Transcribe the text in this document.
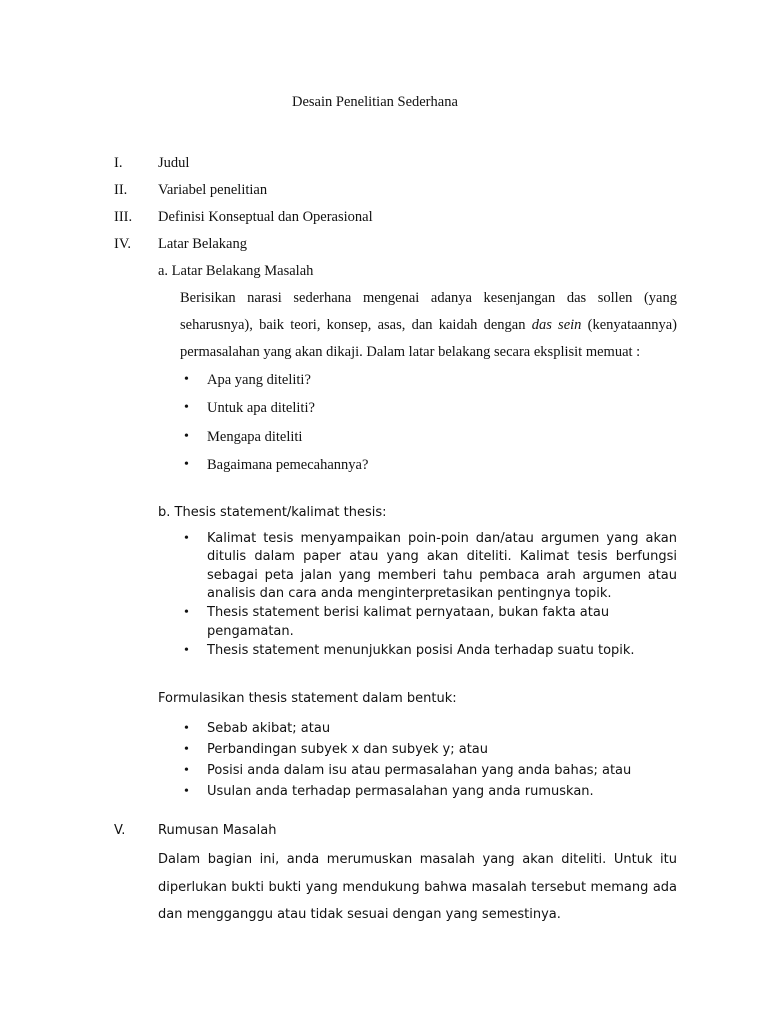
Desain Penelitian Sederhana
I. Judul
II. Variabel penelitian
III. Definisi Konseptual dan Operasional
IV. Latar Belakang
a. Latar Belakang Masalah
Berisikan narasi sederhana mengenai adanya kesenjangan das sollen (yang
seharusnya), baik teori, konsep, asas, dan kaidah dengan das sein (kenyataannya)
permasalahan yang akan dikaji. Dalam latar belakang secara eksplisit memuat :
• Apa yang diteliti?
• Untuk apa diteliti?
• Mengapa diteliti
• Bagaimana pemecahannya?
b. Thesis statement/kalimat thesis:
• Kalimat tesis menyampaikan poin-poin dan/atau argumen yang akan
ditulis dalam paper atau yang akan diteliti. Kalimat tesis berfungsi
sebagai peta jalan yang memberi tahu pembaca arah argumen atau
analisis dan cara anda menginterpretasikan pentingnya topik.
• Thesis statement berisi kalimat pernyataan, bukan fakta atau
pengamatan.
• Thesis statement menunjukkan posisi Anda terhadap suatu topik.
Formulasikan thesis statement dalam bentuk:
• Sebab akibat; atau
• Perbandingan subyek x dan subyek y; atau
• Posisi anda dalam isu atau permasalahan yang anda bahas; atau
• Usulan anda terhadap permasalahan yang anda rumuskan.
V.	Rumusan Masalah
Dalam bagian ini, anda merumuskan masalah yang akan diteliti. Untuk itu
diperlukan bukti bukti yang mendukung bahwa masalah tersebut memang ada
dan mengganggu atau tidak sesuai dengan yang semestinya.
